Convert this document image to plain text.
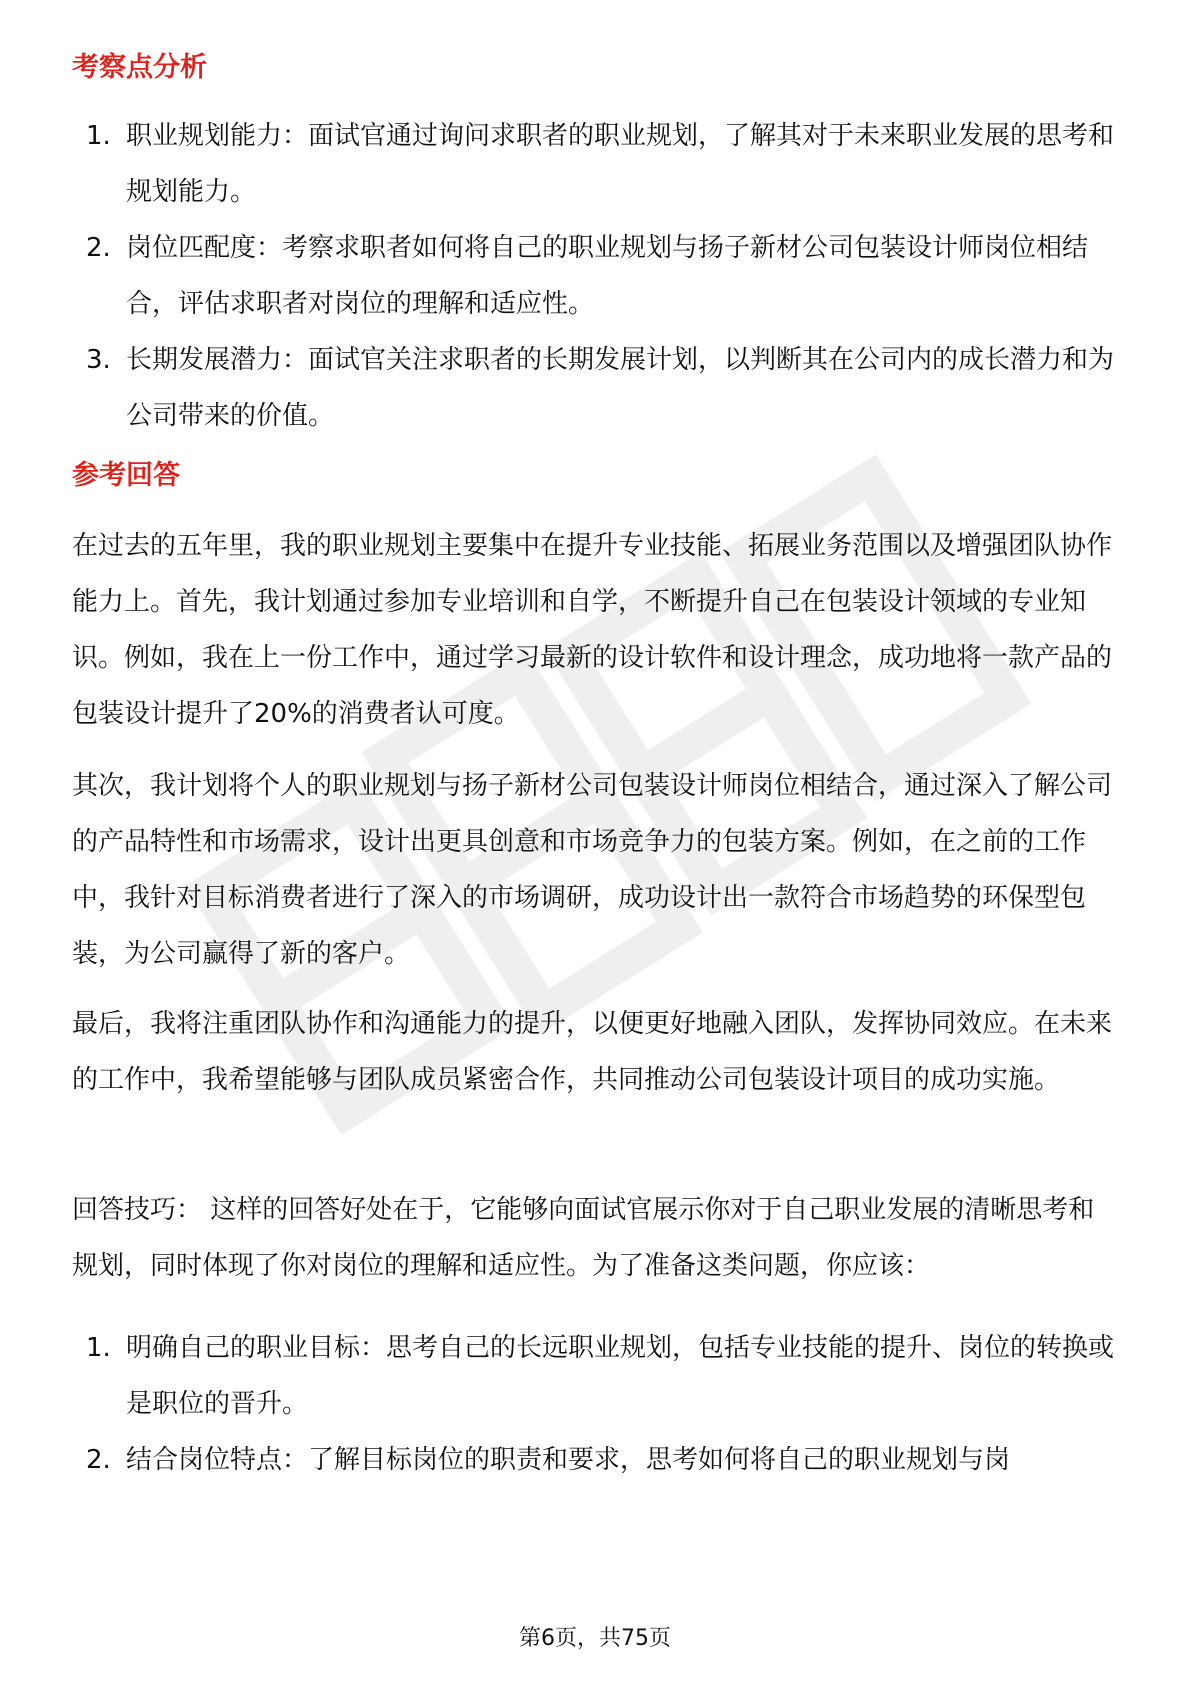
考察点分析
1. 职业规划能力：面试官通过询问求职者的职业规划，了解其对于未来职业发展的思考和规划能力。
2. 岗位匹配度：考察求职者如何将自己的职业规划与扬子新材公司包装设计师岗位相结合，评估求职者对岗位的理解和适应性。
3. 长期发展潜力：面试官关注求职者的长期发展计划，以判断其在公司内的成长潜力和为公司带来的价值。
参考回答

在过去的五年里，我的职业规划主要集中在提升专业技能、拓展业务范围以及增强团队协作能力上。首先，我计划通过参加专业培训和自学，不断提升自己在包装设计领域的专业知识。例如，我在上一份工作中，通过学习最新的设计软件和设计理念，成功地将一款产品的包装设计提升了20%的消费者认可度。

其次，我计划将个人的职业规划与扬子新材公司包装设计师岗位相结合，通过深入了解公司的产品特性和市场需求，设计出更具创意和市场竞争力的包装方案。例如，在之前的工作中，我针对目标消费者进行了深入的市场调研，成功设计出一款符合市场趋势的环保型包装，为公司赢得了新的客户。

最后，我将注重团队协作和沟通能力的提升，以便更好地融入团队，发挥协同效应。在未来的工作中，我希望能够与团队成员紧密合作，共同推动公司包装设计项目的成功实施。

回答技巧： 这样的回答好处在于，它能够向面试官展示你对于自己职业发展的清晰思考和规划，同时体现了你对岗位的理解和适应性。为了准备这类问题，你应该：

1. 明确自己的职业目标：思考自己的长远职业规划，包括专业技能的提升、岗位的转换或是职位的晋升。
2. 结合岗位特点：了解目标岗位的职责和要求，思考如何将自己的职业规划与岗
第6页，共75页
